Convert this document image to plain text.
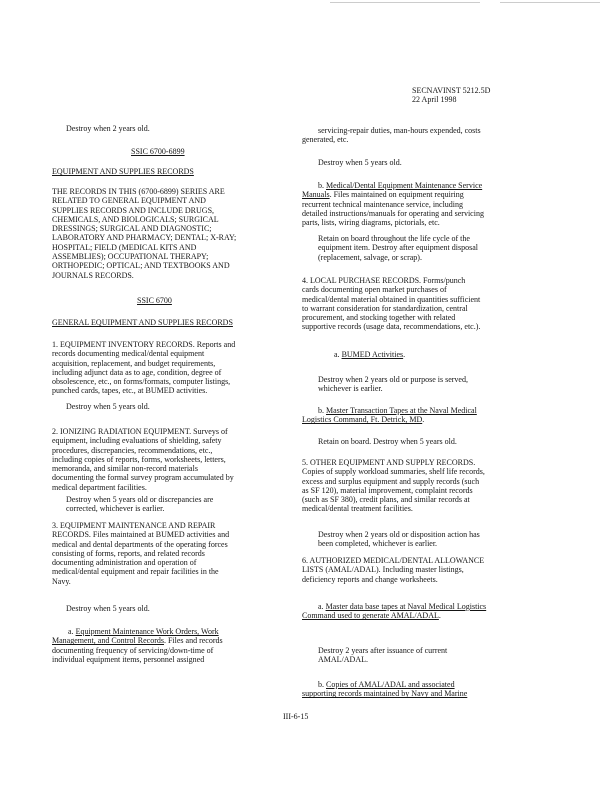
SECNAVINST 5212.5D
22 April 1998
Destroy when 2 years old.
SSIC 6700-6899
EQUIPMENT AND SUPPLIES RECORDS
THE RECORDS IN THIS (6700-6899) SERIES ARE
RELATED TO GENERAL EQUIPMENT AND
SUPPLIES RECORDS AND INCLUDE DRUGS,
CHEMICALS, AND BIOLOGICALS; SURGICAL
DRESSINGS; SURGICAL AND DIAGNOSTIC;
LABORATORY AND PHARMACY; DENTAL; X-RAY;
HOSPITAL; FIELD (MEDICAL KITS AND
ASSEMBLIES); OCCUPATIONAL THERAPY;
ORTHOPEDIC; OPTICAL; AND TEXTBOOKS AND
JOURNALS RECORDS.
SSIC 6700
GENERAL EQUIPMENT AND SUPPLIES RECORDS
1. EQUIPMENT INVENTORY RECORDS. Reports and
records documenting medical/dental equipment
acquisition, replacement, and budget requirements,
including adjunct data as to age, condition, degree of
obsolescence, etc., on forms/formats, computer listings,
punched cards, tapes, etc., at BUMED activities.
Destroy when 5 years old.
2. IONIZING RADIATION EQUIPMENT. Surveys of
equipment, including evaluations of shielding, safety
procedures, discrepancies, recommendations, etc.,
including copies of reports, forms, worksheets, letters,
memoranda, and similar non-record materials
documenting the formal survey program accumulated by
medical department facilities.
Destroy when 5 years old or discrepancies are
corrected, whichever is earlier.
3. EQUIPMENT MAINTENANCE AND REPAIR
RECORDS. Files maintained at BUMED activities and
medical and dental departments of the operating forces
consisting of forms, reports, and related records
documenting administration and operation of
medical/dental equipment and repair facilities in the
Navy.
Destroy when 5 years old.
a. Equipment Maintenance Work Orders, Work
Management, and Control Records. Files and records
documenting frequency of servicing/down-time of
individual equipment items, personnel assigned
servicing-repair duties, man-hours expended, costs
generated, etc.
Destroy when 5 years old.
b. Medical/Dental Equipment Maintenance Service
Manuals. Files maintained on equipment requiring
recurrent technical maintenance service, including
detailed instructions/manuals for operating and servicing
parts, lists, wiring diagrams, pictorials, etc.
Retain on board throughout the life cycle of the
equipment item. Destroy after equipment disposal
(replacement, salvage, or scrap).
4. LOCAL PURCHASE RECORDS. Forms/punch
cards documenting open market purchases of
medical/dental material obtained in quantities sufficient
to warrant consideration for standardization, central
procurement, and stocking together with related
supportive records (usage data, recommendations, etc.).
a. BUMED Activities.
Destroy when 2 years old or purpose is served,
whichever is earlier.
b. Master Transaction Tapes at the Naval Medical
Logistics Command, Ft. Detrick, MD.
Retain on board. Destroy when 5 years old.
5. OTHER EQUIPMENT AND SUPPLY RECORDS.
Copies of supply workload summaries, shelf life records,
excess and surplus equipment and supply records (such
as SF 120), material improvement, complaint records
(such as SF 380), credit plans, and similar records at
medical/dental treatment facilities.
Destroy when 2 years old or disposition action has
been completed, whichever is earlier.
6. AUTHORIZED MEDICAL/DENTAL ALLOWANCE
LISTS (AMAL/ADAL). Including master listings,
deficiency reports and change worksheets.
a. Master data base tapes at Naval Medical Logistics
Command used to generate AMAL/ADAL.
Destroy 2 years after issuance of current
AMAL/ADAL.
b. Copies of AMAL/ADAL and associated
supporting records maintained by Navy and Marine
III-6-15
